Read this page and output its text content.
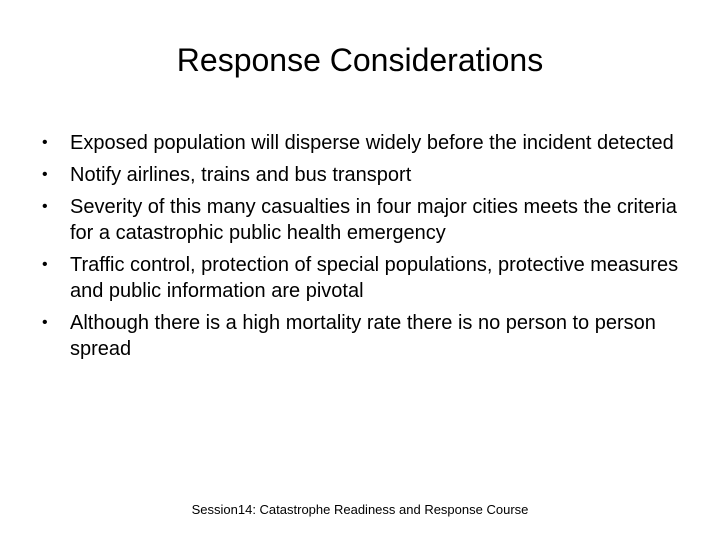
Response Considerations
•	Exposed population will disperse widely before the incident detected
•	Notify airlines, trains and bus transport
•	Severity of this many casualties in four major cities meets the criteria for a catastrophic public health emergency
•	Traffic control, protection of special populations, protective measures and public information are pivotal
•	Although there is a high mortality rate there is no person to person spread
Session14: Catastrophe Readiness and Response Course
